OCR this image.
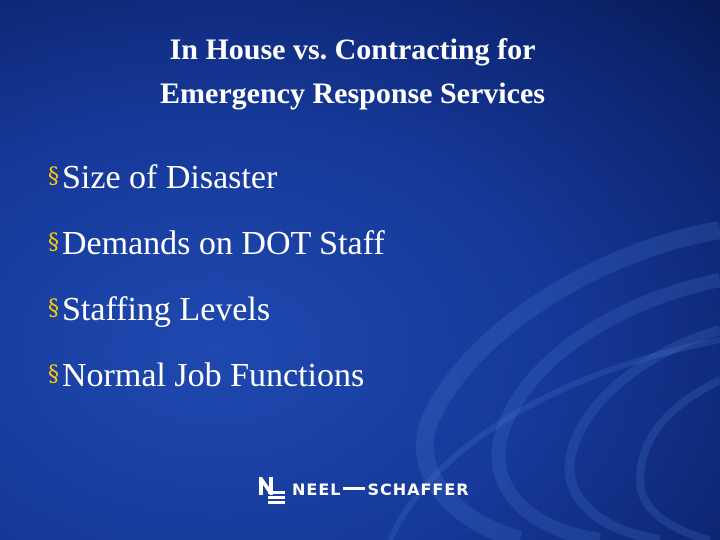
In House vs. Contracting for
Emergency Response Services
§Size of Disaster
§Demands on DOT Staff
§Staffing Levels
§Normal Job Functions
NEEL SCHAFFER
